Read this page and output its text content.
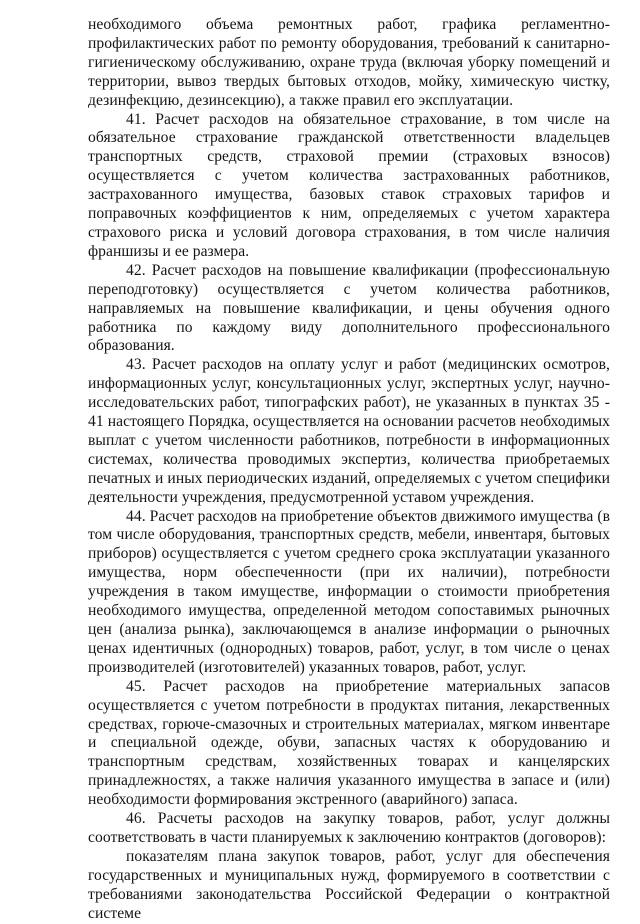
необходимого объема ремонтных работ, графика регламентно-профилактических работ по ремонту оборудования, требований к санитарно-гигиеническому обслуживанию, охране труда (включая уборку помещений и территории, вывоз твердых бытовых отходов, мойку, химическую чистку, дезинфекцию, дезинсекцию), а также правил его эксплуатации.

41. Расчет расходов на обязательное страхование, в том числе на обязательное страхование гражданской ответственности владельцев транспортных средств, страховой премии (страховых взносов) осуществляется с учетом количества застрахованных работников, застрахованного имущества, базовых ставок страховых тарифов и поправочных коэффициентов к ним, определяемых с учетом характера страхового риска и условий договора страхования, в том числе наличия франшизы и ее размера.

42. Расчет расходов на повышение квалификации (профессиональную переподготовку) осуществляется с учетом количества работников, направляемых на повышение квалификации, и цены обучения одного работника по каждому виду дополнительного профессионального образования.

43. Расчет расходов на оплату услуг и работ (медицинских осмотров, информационных услуг, консультационных услуг, экспертных услуг, научно-исследовательских работ, типографских работ), не указанных в пунктах 35 - 41 настоящего Порядка, осуществляется на основании расчетов необходимых выплат с учетом численности работников, потребности в информационных системах, количества проводимых экспертиз, количества приобретаемых печатных и иных периодических изданий, определяемых с учетом специфики деятельности учреждения, предусмотренной уставом учреждения.

44. Расчет расходов на приобретение объектов движимого имущества (в том числе оборудования, транспортных средств, мебели, инвентаря, бытовых приборов) осуществляется с учетом среднего срока эксплуатации указанного имущества, норм обеспеченности (при их наличии), потребности учреждения в таком имуществе, информации о стоимости приобретения необходимого имущества, определенной методом сопоставимых рыночных цен (анализа рынка), заключающемся в анализе информации о рыночных ценах идентичных (однородных) товаров, работ, услуг, в том числе о ценах производителей (изготовителей) указанных товаров, работ, услуг.

45. Расчет расходов на приобретение материальных запасов осуществляется с учетом потребности в продуктах питания, лекарственных средствах, горюче-смазочных и строительных материалах, мягком инвентаре и специальной одежде, обуви, запасных частях к оборудованию и транспортным средствам, хозяйственных товарах и канцелярских принадлежностях, а также наличия указанного имущества в запасе и (или) необходимости формирования экстренного (аварийного) запаса.

46. Расчеты расходов на закупку товаров, работ, услуг должны соответствовать в части планируемых к заключению контрактов (договоров):

показателям плана закупок товаров, работ, услуг для обеспечения государственных и муниципальных нужд, формируемого в соответствии с требованиями законодательства Российской Федерации о контрактной системе
